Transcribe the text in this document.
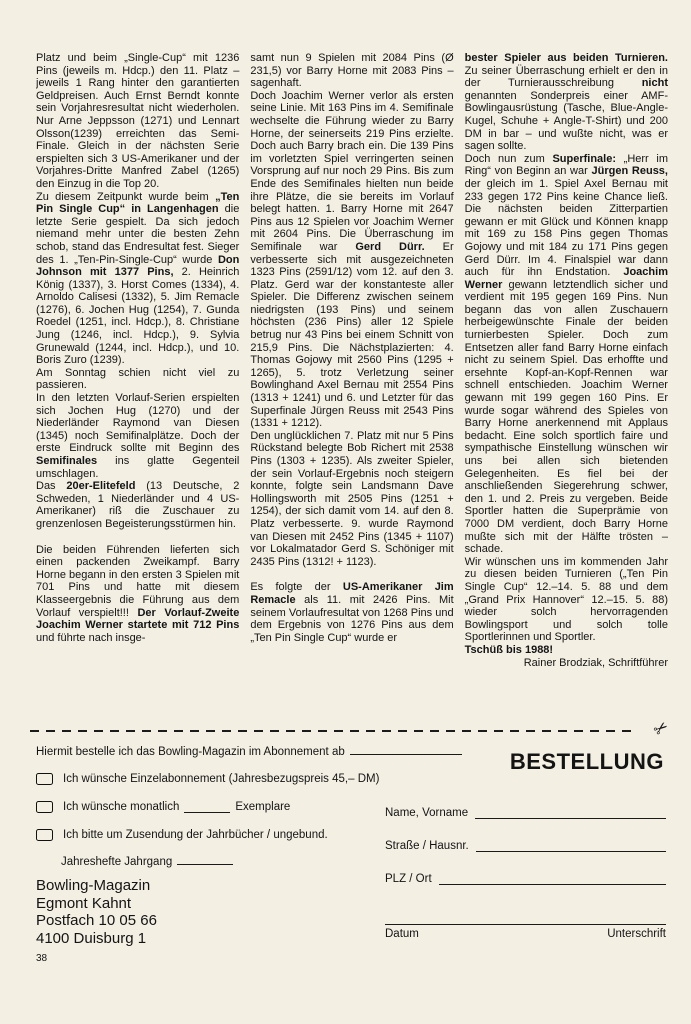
Platz und beim „Single-Cup“ mit 1236 Pins (jeweils m. Hdcp.) den 11. Platz – jeweils 1 Rang hinter den garantierten Geldpreisen. Auch Ernst Berndt konnte sein Vorjahresresultat nicht wiederholen. Nur Arne Jeppsson (1271) und Lennart Olsson(1239) erreichten das Semi-Finale. Gleich in der nächsten Serie erspielten sich 3 US-Amerikaner und der Vorjahres-Dritte Manfred Zabel (1265) den Einzug in die Top 20.

Zu diesem Zeitpunkt wurde beim „Ten Pin Single Cup“ in Langenhagen die letzte Serie gespielt. Da sich jedoch niemand mehr unter die besten Zehn schob, stand das Endresultat fest. Sieger des 1. „Ten-Pin-Single-Cup“ wurde Don Johnson mit 1377 Pins, 2. Heinrich König (1337), 3. Horst Comes (1334), 4. Arnoldo Calisesi (1332), 5. Jim Remacle (1276), 6. Jochen Hug (1254), 7. Gunda Roedel (1251, incl. Hdcp.), 8. Christiane Jung (1246, incl. Hdcp.), 9. Sylvia Grunewald (1244, incl. Hdcp.), und 10. Boris Zuro (1239).

Am Sonntag schien nicht viel zu passieren.

In den letzten Vorlauf-Serien erspielten sich Jochen Hug (1270) und der Niederländer Raymond van Diesen (1345) noch Semifinalplätze. Doch der erste Eindruck sollte mit Beginn des Semifinales ins glatte Gegenteil umschlagen.

Das 20er-Elitefeld (13 Deutsche, 2 Schweden, 1 Niederländer und 4 US-Amerikaner) riß die Zuschauer zu grenzenlosen Begeisterungsstürmen hin.

Die beiden Führenden lieferten sich einen packenden Zweikampf. Barry Horne begann in den ersten 3 Spielen mit 701 Pins und hatte mit diesem Klasseergebnis die Führung aus dem Vorlauf verspielt!!! Der Vorlauf-Zweite Joachim Werner startete mit 712 Pins und führte nach insge-

samt nun 9 Spielen mit 2084 Pins (Ø 231,5) vor Barry Horne mit 2083 Pins – sagenhaft.

Doch Joachim Werner verlor als ersten seine Linie. Mit 163 Pins im 4. Semifinale wechselte die Führung wieder zu Barry Horne, der seinerseits 219 Pins erzielte. Doch auch Barry brach ein. Die 139 Pins im vorletzten Spiel verringerten seinen Vorsprung auf nur noch 29 Pins. Bis zum Ende des Semifinales hielten nun beide ihre Plätze, die sie bereits im Vorlauf belegt hatten. 1. Barry Horne mit 2647 Pins aus 12 Spielen vor Joachim Werner mit 2604 Pins. Die Überraschung im Semifinale war Gerd Dürr. Er verbesserte sich mit ausgezeichneten 1323 Pins (2591/12) vom 12. auf den 3. Platz. Gerd war der konstanteste aller Spieler. Die Differenz zwischen seinem niedrigsten (193 Pins) und seinem höchsten (236 Pins) aller 12 Spiele betrug nur 43 Pins bei einem Schnitt von 215,9 Pins. Die Nächstplazierten: 4. Thomas Gojowy mit 2560 Pins (1295 + 1265), 5. trotz Verletzung seiner Bowlinghand Axel Bernau mit 2554 Pins (1313 + 1241) und 6. und Letzter für das Superfinale Jürgen Reuss mit 2543 Pins (1331 + 1212).

Den unglücklichen 7. Platz mit nur 5 Pins Rückstand belegte Bob Richert mit 2538 Pins (1303 + 1235). Als zweiter Spieler, der sein Vorlauf-Ergebnis noch steigern konnte, folgte sein Landsmann Dave Hollingsworth mit 2505 Pins (1251 + 1254), der sich damit vom 14. auf den 8. Platz verbesserte. 9. wurde Raymond van Diesen mit 2452 Pins (1345 + 1107) vor Lokalmatador Gerd S. Schöniger mit 2435 Pins (1312! + 1123).

Es folgte der US-Amerikaner Jim Remacle als 11. mit 2426 Pins. Mit seinem Vorlaufresultat von 1268 Pins und dem Ergebnis von 1276 Pins aus dem „Ten Pin Single Cup“ wurde er

bester Spieler aus beiden Turnieren. Zu seiner Überraschung erhielt er den in der Turnierausschreibung nicht genannten Sonderpreis einer AMF-Bowlingausrüstung (Tasche, Blue-Angle-Kugel, Schuhe + Angle-T-Shirt) und 200 DM in bar – und wußte nicht, was er sagen sollte.

Doch nun zum Superfinale: „Herr im Ring“ von Beginn an war Jürgen Reuss, der gleich im 1. Spiel Axel Bernau mit 233 gegen 172 Pins keine Chance ließ. Die nächsten beiden Zitterpartien gewann er mit Glück und Können knapp mit 169 zu 158 Pins gegen Thomas Gojowy und mit 184 zu 171 Pins gegen Gerd Dürr. Im 4. Finalspiel war dann auch für ihn Endstation. Joachim Werner gewann letztendlich sicher und verdient mit 195 gegen 169 Pins. Nun begann das von allen Zuschauern herbeigewünschte Finale der beiden turnierbesten Spieler. Doch zum Entsetzen aller fand Barry Horne einfach nicht zu seinem Spiel. Das erhoffte und ersehnte Kopf-an-Kopf-Rennen war schnell entschieden. Joachim Werner gewann mit 199 gegen 160 Pins. Er wurde sogar während des Spieles von Barry Horne anerkennend mit Applaus bedacht. Eine solch sportlich faire und sympathische Einstellung wünschen wir uns bei allen sich bietenden Gelegenheiten. Es fiel bei der anschließenden Siegerehrung schwer, den 1. und 2. Preis zu vergeben. Beide Sportler hatten die Superprämie von 7000 DM verdient, doch Barry Horne mußte sich mit der Hälfte trösten – schade.

Wir wünschen uns im kommenden Jahr zu diesen beiden Turnieren („Ten Pin Single Cup“ 12.–14. 5. 88 und dem „Grand Prix Hannover“ 12.–15. 5. 88) wieder solch hervorragenden Bowlingsport und solch tolle Sportlerinnen und Sportler.

Tschüß bis 1988!

Rainer Brodziak, Schriftführer

✂
Hiermit bestelle ich das Bowling-Magazin im Abonnement ab
Ich wünsche Einzelabonnement (Jahresbezugspreis 45,– DM)
Ich wünsche monatlich	Exemplare
Ich bitte um Zusendung der Jahrbücher / ungebund.
Jahreshefte Jahrgang
Bowling-Magazin
Egmont Kahnt
Postfach 10 05 66
4100 Duisburg 1
38
BESTELLUNG
Name, Vorname
Straße / Hausnr.
PLZ / Ort
Datum	Unterschrift
